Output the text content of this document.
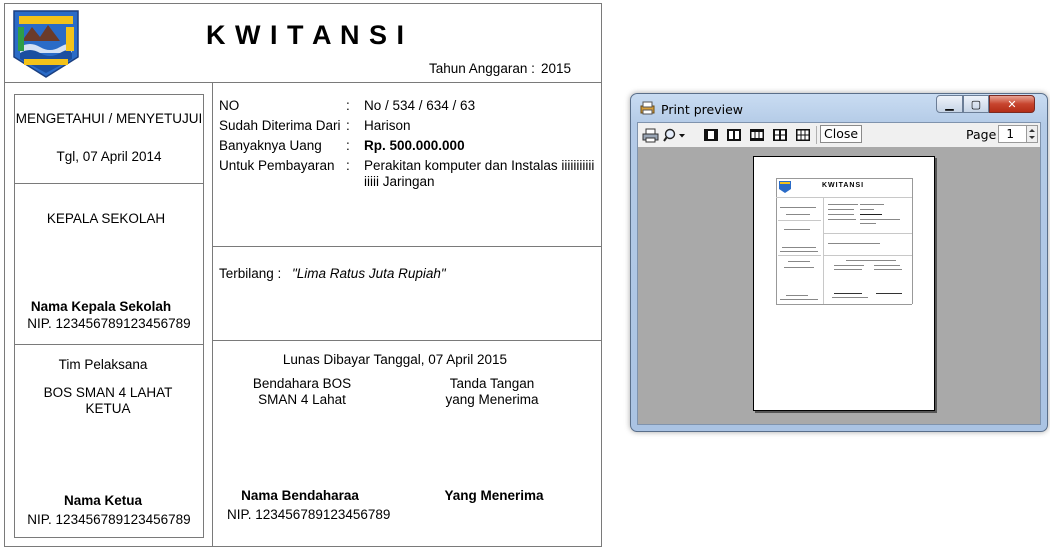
K W I T A N S I
Tahun Anggaran : 2015
MENGETAHUI / MENYETUJUI
Tgl, 07 April 2014
KEPALA SEKOLAH
Nama Kepala Sekolah
NIP. 123456789123456789
Tim Pelaksana
BOS SMAN 4 LAHAT
KETUA
Nama Ketua
NIP. 123456789123456789
NO	: No / 534 / 634 / 63
Sudah Diterima Dari : Harison
Banyaknya Uang : Rp. 500.000.000
Untuk Pembayaran : Perakitan komputer dan Instalas iiiiiiiiiii iiiii Jaringan
Terbilang : "Lima Ratus Juta Rupiah"
Lunas Dibayar Tanggal, 07 April 2015
Bendahara BOS
SMAN 4 Lahat
Tanda Tangan
yang Menerima
Nama Bendaharaa
NIP. 123456789123456789
Yang Menerima
Print preview	▁ ▢ ✕
Close	Page 1
KWITANSI
